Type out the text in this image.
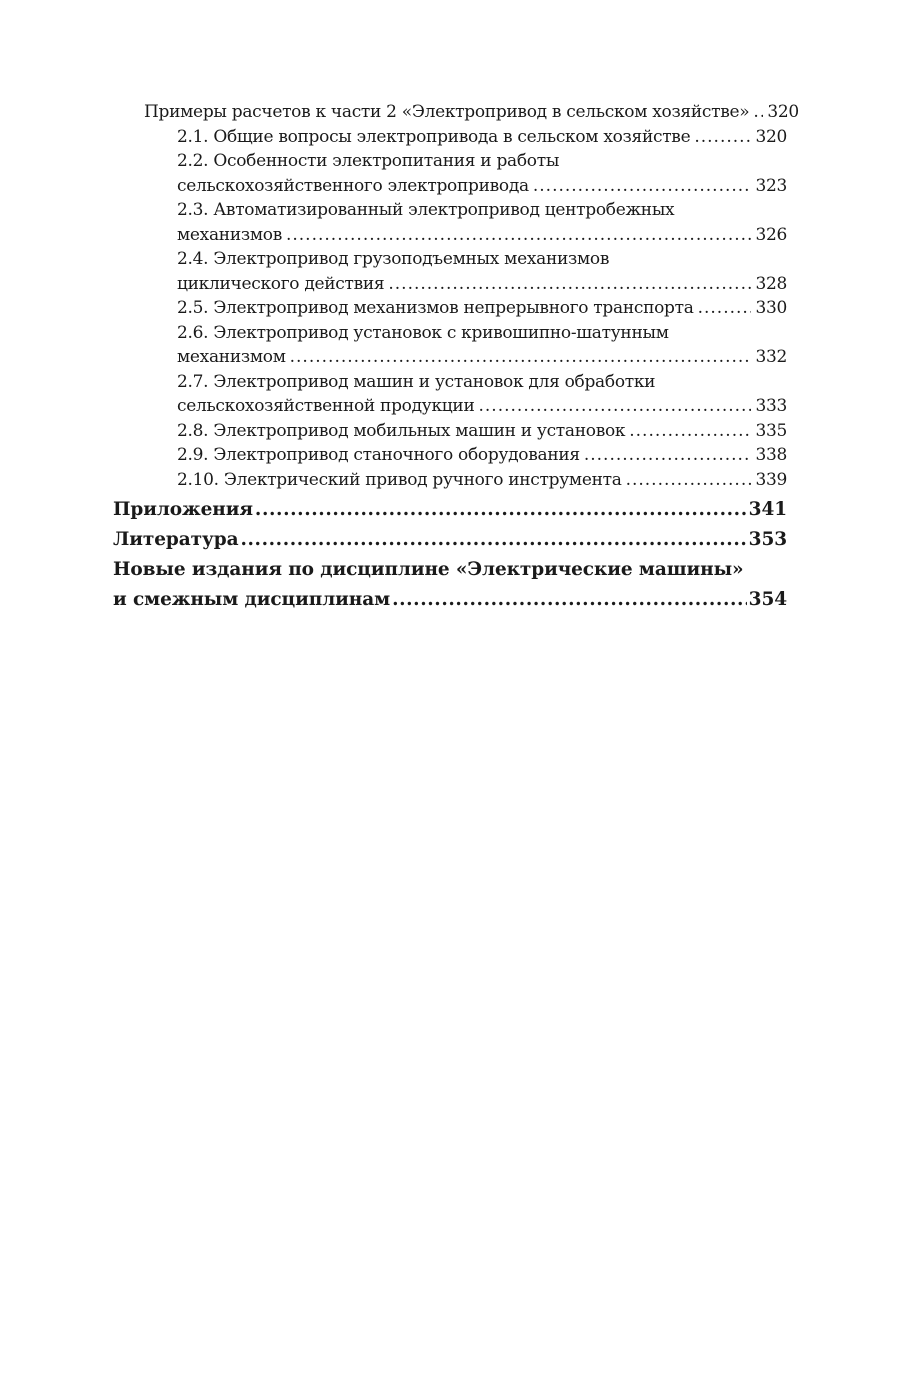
Примеры расчетов к части 2 «Электропривод в сельском хозяйстве» ..... 320
2.1. Общие вопросы электропривода в сельском хозяйстве .....	320
2.2. Особенности электропитания и работы
сельскохозяйственного электропривода .....	323
2.3. Автоматизированный электропривод центробежных
механизмов .....	326
2.4. Электропривод грузоподъемных механизмов
циклического действия .....	328
2.5. Электропривод механизмов непрерывного транспорта .....	330
2.6. Электропривод установок с кривошипно-шатунным
механизмом .....	332
2.7. Электропривод машин и установок для обработки
сельскохозяйственной продукции .....	333
2.8. Электропривод мобильных машин и установок .....	335
2.9. Электропривод станочного оборудования .....	338
2.10. Электрический привод ручного инструмента .....	339
Приложения .....	341
Литература .....	353
Новые издания по дисциплине «Электрические машины»
и смежным дисциплинам .....	354
